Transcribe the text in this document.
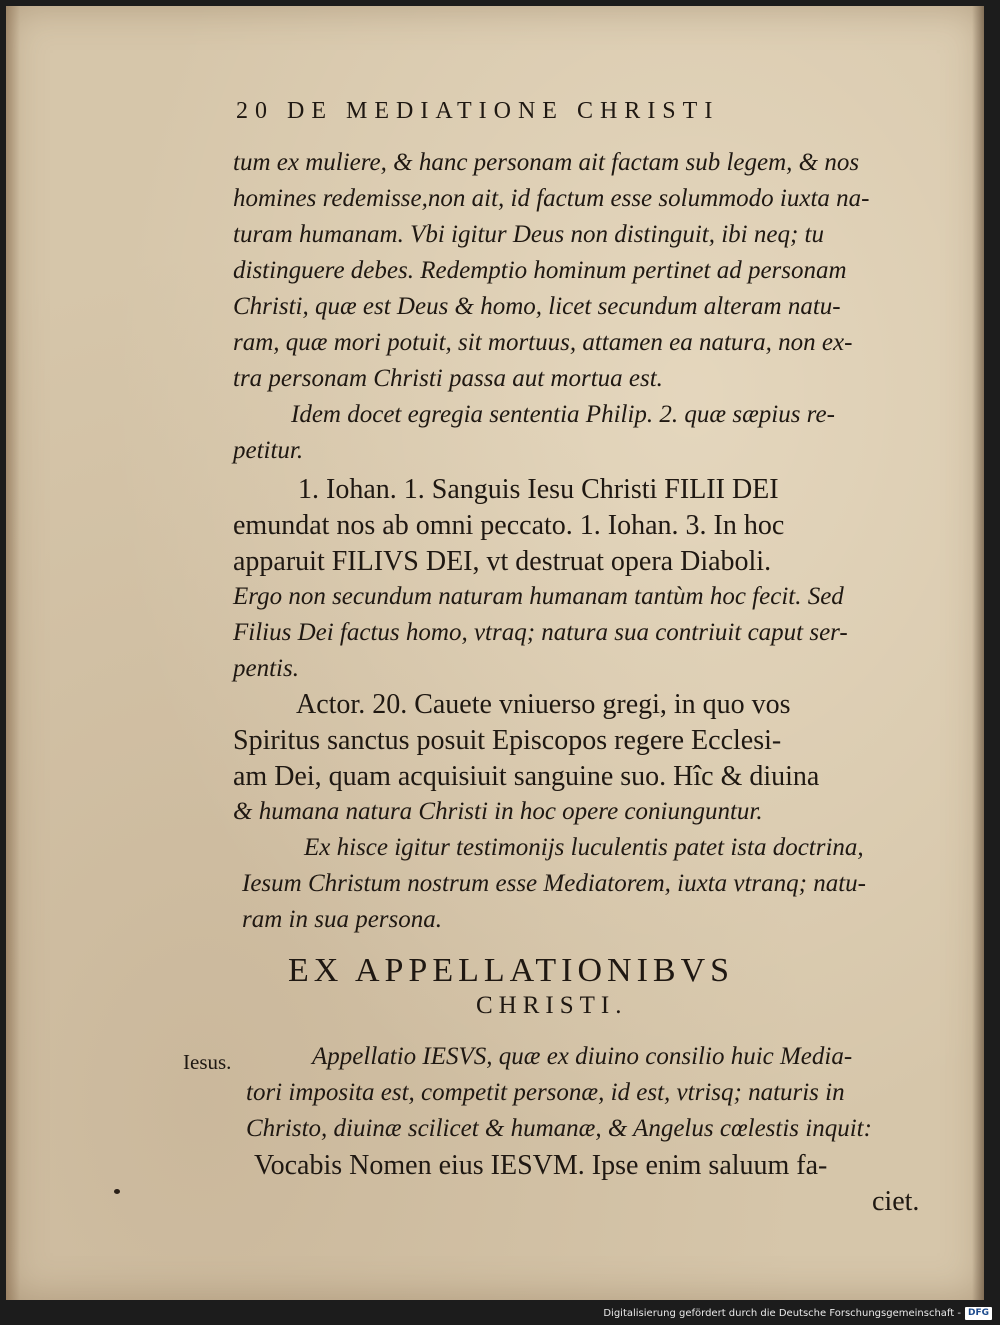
20 DE MEDIATIONE CHRISTI
tum ex muliere, & hanc personam ait factam sub legem, & nos
homines redemisse,non ait, id factum esse solummodo iuxta na-
turam humanam. Vbi igitur Deus non distinguit, ibi neq; tu
distinguere debes. Redemptio hominum pertinet ad personam
Christi, quæ est Deus & homo, licet secundum alteram natu-
ram, quæ mori potuit, sit mortuus, attamen ea natura, non ex-
tra personam Christi passa aut mortua est.
Idem docet egregia sententia Philip. 2. quæ sæpius re-
petitur.
1. Iohan. 1. Sanguis Iesu Christi FILII DEI
emundat nos ab omni peccato. 1. Iohan. 3. In hoc
apparuit FILIVS DEI, vt destruat opera Diaboli.
Ergo non secundum naturam humanam tantùm hoc fecit. Sed
Filius Dei factus homo, vtraq; natura sua contriuit caput ser-
pentis.
Actor. 20. Cauete vniuerso gregi, in quo vos
Spiritus sanctus posuit Episcopos regere Ecclesi-
am Dei, quam acquisiuit sanguine suo. Hîc & diuina
& humana natura Christi in hoc opere coniunguntur.
Ex hisce igitur testimonijs luculentis patet ista doctrina,
Iesum Christum nostrum esse Mediatorem, iuxta vtranq; natu-
ram in sua persona.
EX APPELLATIONIBVS
CHRISTI.
Iesus.	Appellatio IESVS, quæ ex diuino consilio huic Media-
tori imposita est, competit personæ, id est, vtrisq; naturis in
Christo, diuinæ scilicet & humanæ, & Angelus cœlestis inquit:
Vocabis Nomen eius IESVM. Ipse enim saluum fa-
ciet.
Digitalisierung gefördert durch die Deutsche Forschungsgemeinschaft - DFG
